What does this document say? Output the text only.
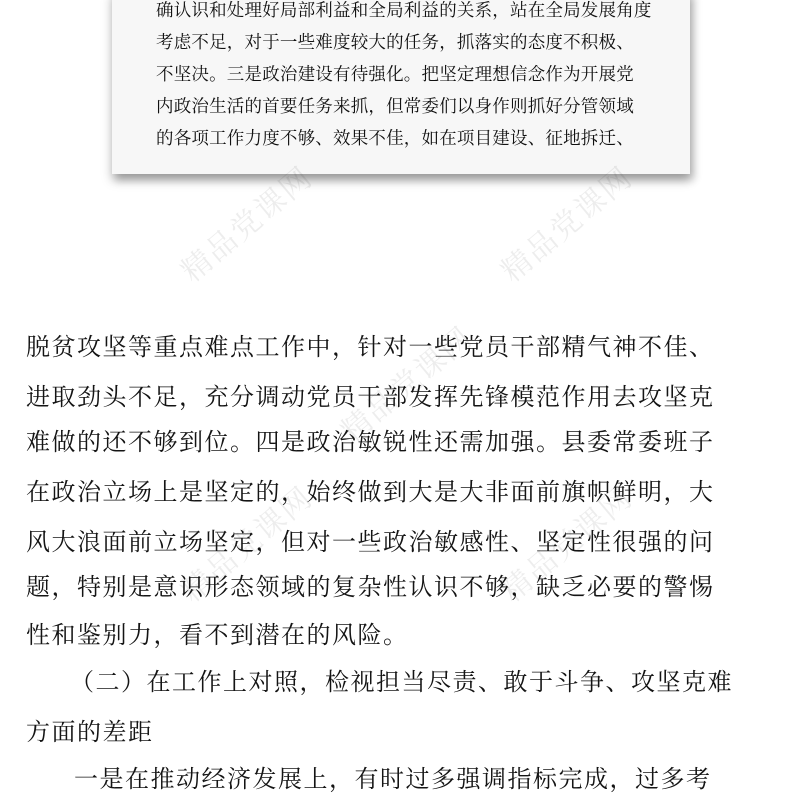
确认识和处理好局部利益和全局利益的关系，站在全局发展角度
考虑不足，对于一些难度较大的任务，抓落实的态度不积极、
不坚决。三是政治建设有待强化。把坚定理想信念作为开展党
内政治生活的首要任务来抓，但常委们以身作则抓好分管领域
的各项工作力度不够、效果不佳，如在项目建设、征地拆迁、
精品党课网	精品党课网
精品党课网
精品党课网	精品党课网
脱贫攻坚等重点难点工作中，针对一些党员干部精气神不佳、
进取劲头不足，充分调动党员干部发挥先锋模范作用去攻坚克
难做的还不够到位。四是政治敏锐性还需加强。县委常委班子
在政治立场上是坚定的，始终做到大是大非面前旗帜鲜明，大
风大浪面前立场坚定，但对一些政治敏感性、坚定性很强的问
题，特别是意识形态领域的复杂性认识不够，缺乏必要的警惕
性和鉴别力，看不到潜在的风险。
（二）在工作上对照，检视担当尽责、敢于斗争、攻坚克难
方面的差距
一是在推动经济发展上，有时过多强调指标完成，过多考
